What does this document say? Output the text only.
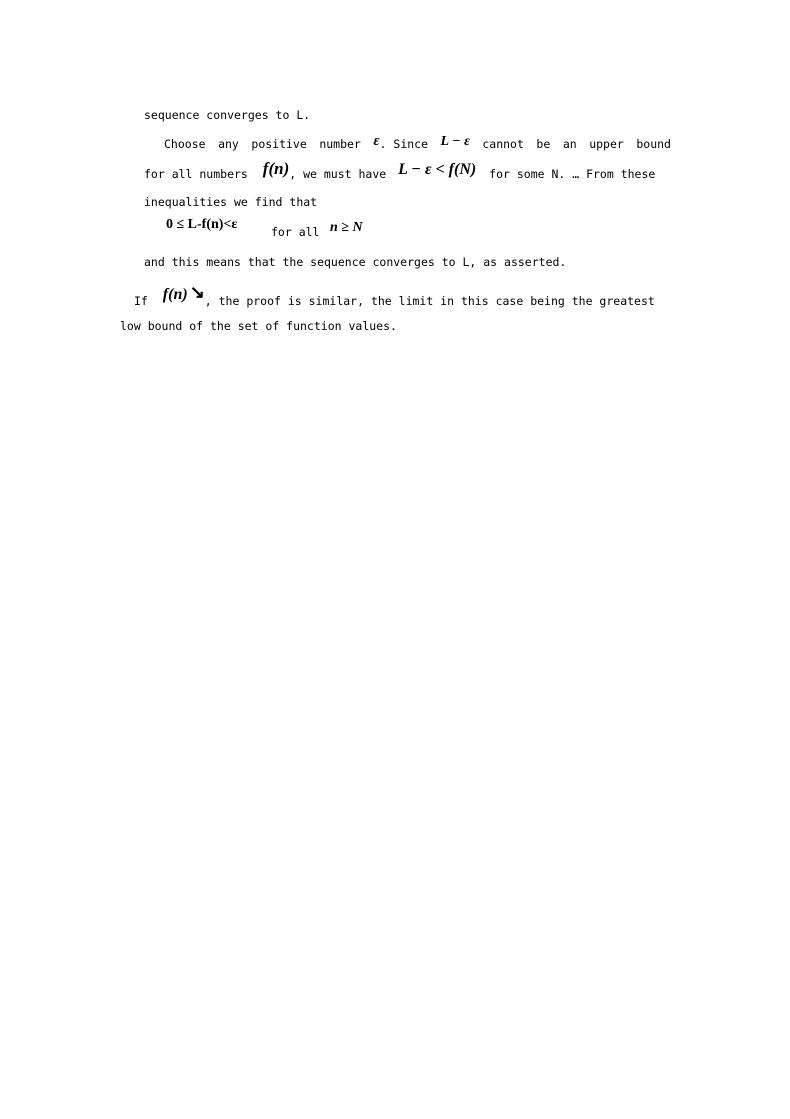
sequence converges to L.
Choose any positive number ε. Since L − ε cannot be an upper bound
for all numbers f(n), we must have L − ε < f(N) for some N. … From these
inequalities we find that
0 ≤ L-f(n)<ε	for all n ≥ N
and this means that the sequence converges to L, as asserted.
If f(n) ↘, the proof is similar, the limit in this case being the greatest
low bound of the set of function values.
